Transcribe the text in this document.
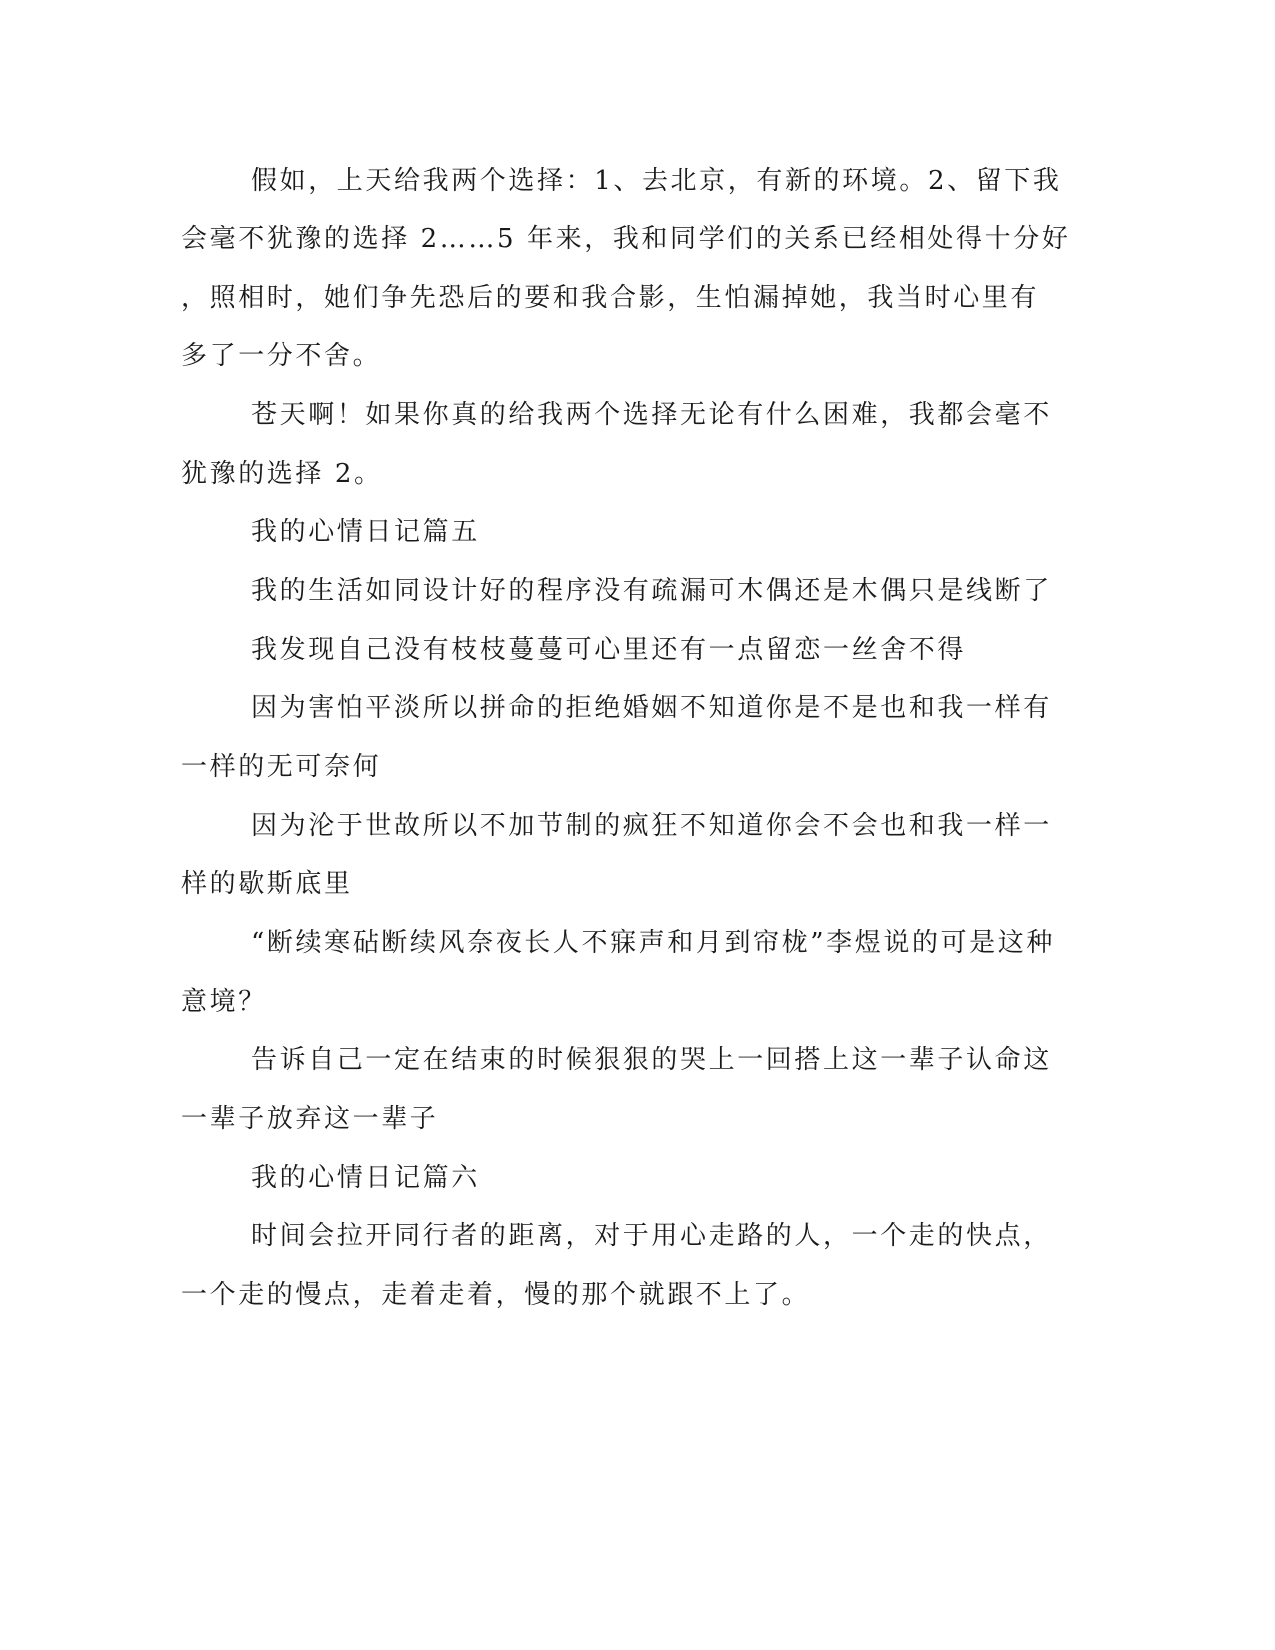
假如，上天给我两个选择：1、去北京，有新的环境。2、留下我
会毫不犹豫的选择 2……5 年来，我和同学们的关系已经相处得十分好
，照相时，她们争先恐后的要和我合影，生怕漏掉她，我当时心里有
多了一分不舍。
苍天啊！如果你真的给我两个选择无论有什么困难，我都会毫不
犹豫的选择 2。
我的心情日记篇五
我的生活如同设计好的程序没有疏漏可木偶还是木偶只是线断了
我发现自己没有枝枝蔓蔓可心里还有一点留恋一丝舍不得
因为害怕平淡所以拼命的拒绝婚姻不知道你是不是也和我一样有
一样的无可奈何
因为沦于世故所以不加节制的疯狂不知道你会不会也和我一样一
样的歇斯底里
“断续寒砧断续风奈夜长人不寐声和月到帘栊”李煜说的可是这种
意境？
告诉自己一定在结束的时候狠狠的哭上一回搭上这一辈子认命这
一辈子放弃这一辈子
我的心情日记篇六
时间会拉开同行者的距离，对于用心走路的人，一个走的快点，
一个走的慢点，走着走着，慢的那个就跟不上了。
